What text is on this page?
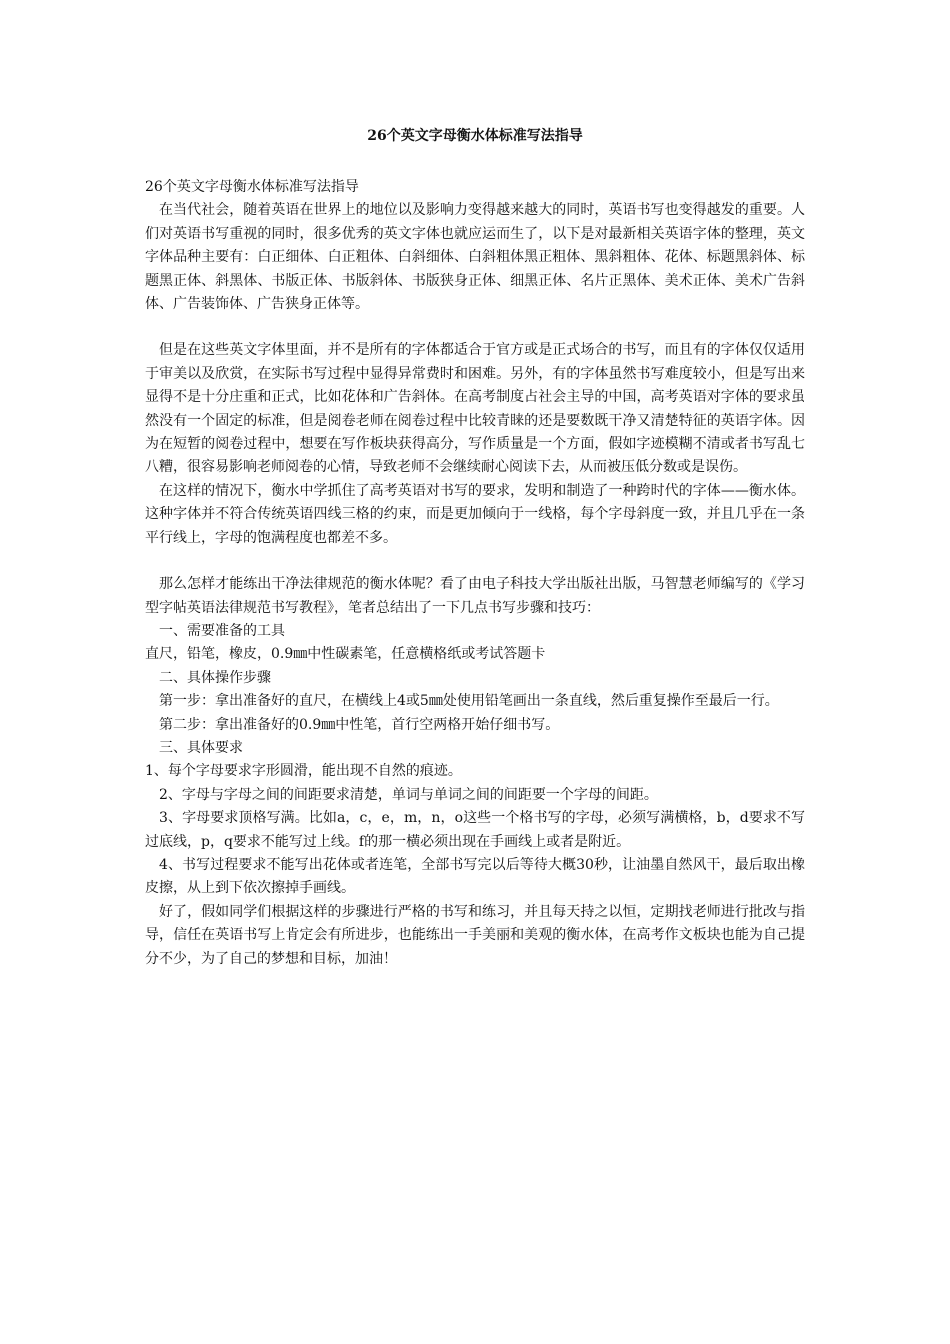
26个英文字母衡水体标准写法指导

26个英文字母衡水体标准写法指导

在当代社会，随着英语在世界上的地位以及影响力变得越来越大的同时，英语书写也变得越发的重要。人们对英语书写重视的同时，很多优秀的英文字体也就应运而生了，以下是对最新相关英语字体的整理，英文字体品种主要有：白正细体、白正粗体、白斜细体、白斜粗体黑正粗体、黑斜粗体、花体、标题黑斜体、标题黑正体、斜黑体、书版正体、书版斜体、书版狭身正体、细黑正体、名片正黑体、美术正体、美术广告斜体、广告装饰体、广告狭身正体等。

但是在这些英文字体里面，并不是所有的字体都适合于官方或是正式场合的书写，而且有的字体仅仅适用于审美以及欣赏，在实际书写过程中显得异常费时和困难。另外，有的字体虽然书写难度较小，但是写出来显得不是十分庄重和正式，比如花体和广告斜体。在高考制度占社会主导的中国，高考英语对字体的要求虽然没有一个固定的标准，但是阅卷老师在阅卷过程中比较青睐的还是要数既干净又清楚特征的英语字体。因为在短暂的阅卷过程中，想要在写作板块获得高分，写作质量是一个方面，假如字迹模糊不清或者书写乱七八糟，很容易影响老师阅卷的心情，导致老师不会继续耐心阅读下去，从而被压低分数或是误伤。

在这样的情况下，衡水中学抓住了高考英语对书写的要求，发明和制造了一种跨时代的字体——衡水体。这种字体并不符合传统英语四线三格的约束，而是更加倾向于一线格，每个字母斜度一致，并且几乎在一条平行线上，字母的饱满程度也都差不多。

那么怎样才能练出干净法律规范的衡水体呢？看了由电子科技大学出版社出版，马智慧老师编写的《学习型字帖英语法律规范书写教程》，笔者总结出了一下几点书写步骤和技巧：

一、需要准备的工具

直尺，铅笔，橡皮，0.9㎜中性碳素笔，任意横格纸或考试答题卡

二、具体操作步骤

第一步：拿出准备好的直尺，在横线上4或5㎜处使用铅笔画出一条直线，然后重复操作至最后一行。

第二步：拿出准备好的0.9㎜中性笔，首行空两格开始仔细书写。

三、具体要求

1、每个字母要求字形圆滑，能出现不自然的痕迹。

2、字母与字母之间的间距要求清楚，单词与单词之间的间距要一个字母的间距。

3、字母要求顶格写满。比如a，c，e，m，n，o这些一个格书写的字母，必须写满横格，b，d要求不写过底线，p，q要求不能写过上线。f的那一横必须出现在手画线上或者是附近。

4、书写过程要求不能写出花体或者连笔，全部书写完以后等待大概30秒，让油墨自然风干，最后取出橡皮擦，从上到下依次擦掉手画线。

好了，假如同学们根据这样的步骤进行严格的书写和练习，并且每天持之以恒，定期找老师进行批改与指导，信任在英语书写上肯定会有所进步，也能练出一手美丽和美观的衡水体，在高考作文板块也能为自己提分不少，为了自己的梦想和目标，加油！
